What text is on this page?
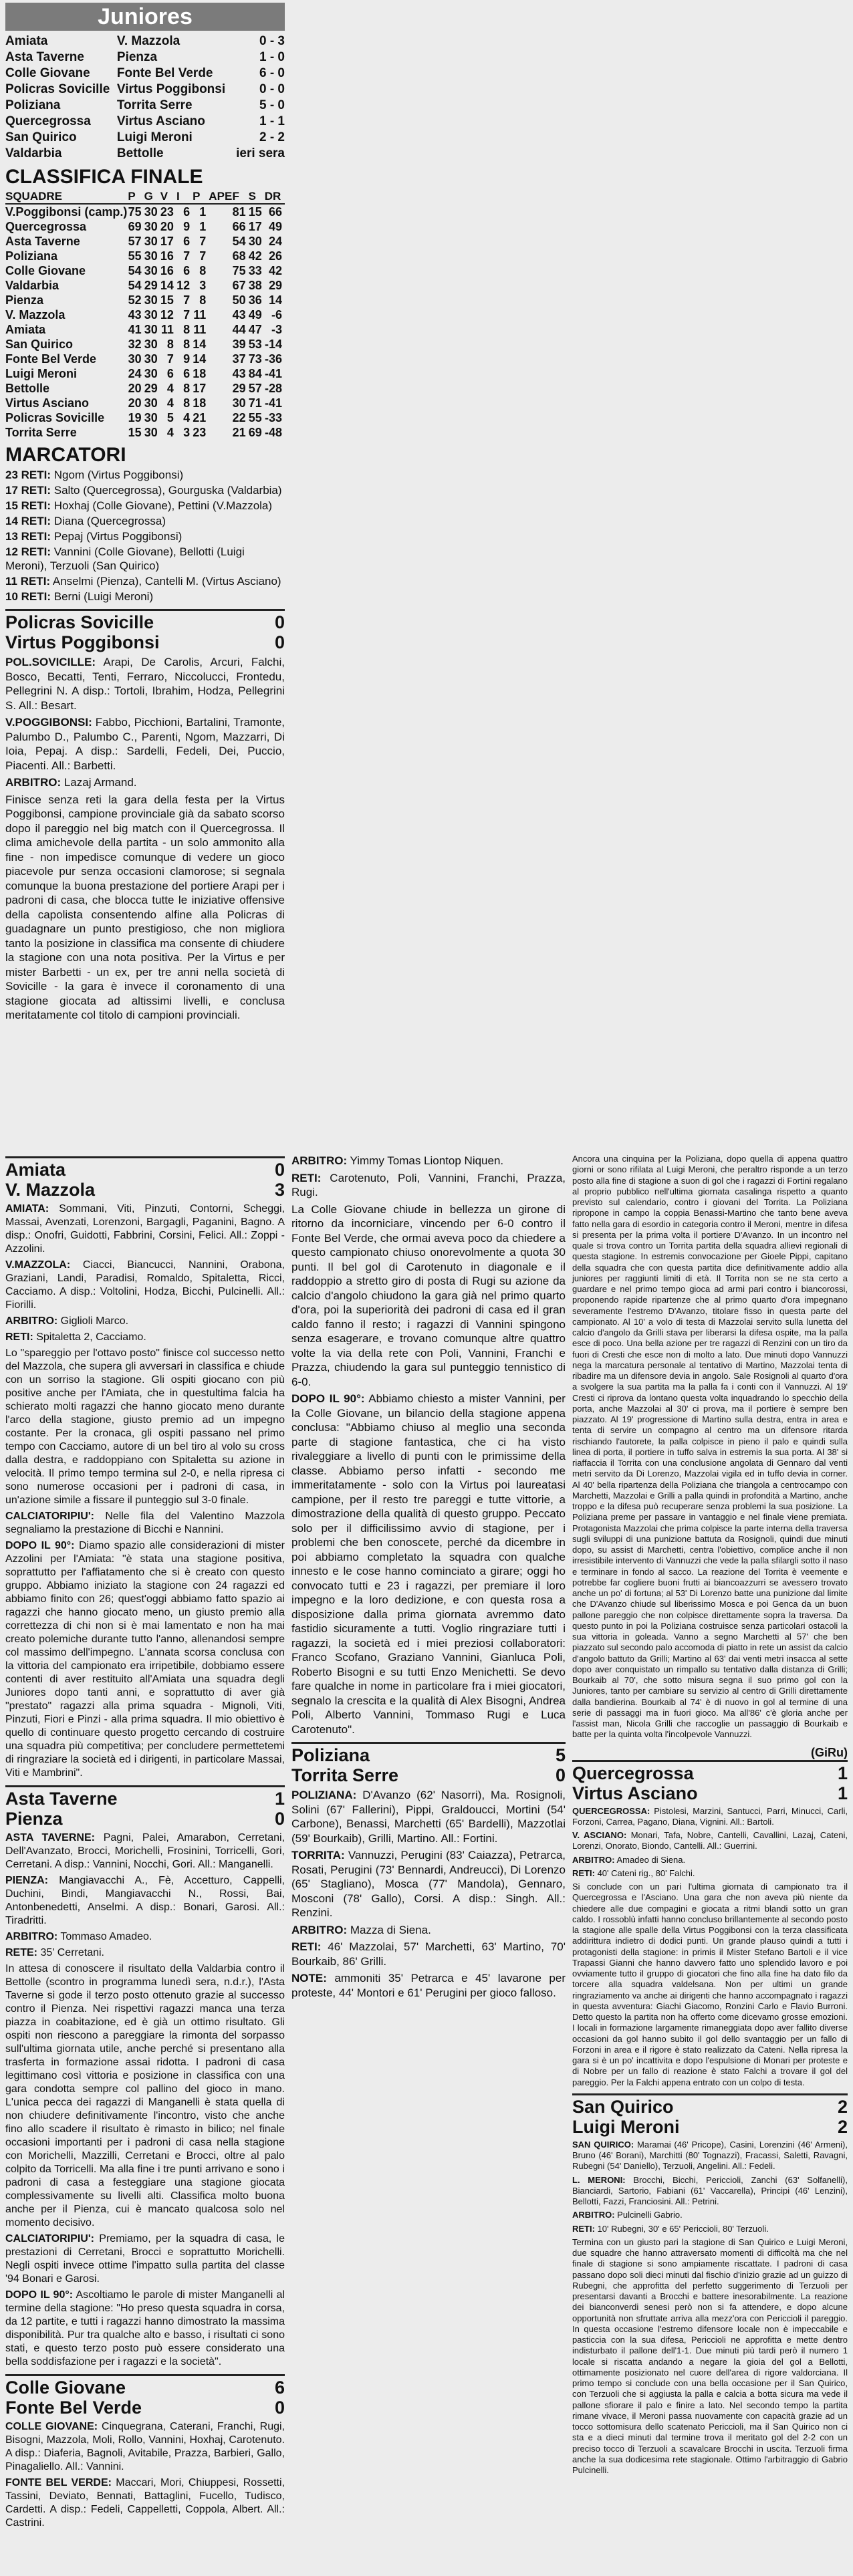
Juniores
Amiata	V. Mazzola	0 - 3
Asta Taverne	Pienza	1 - 0
Colle Giovane	Fonte Bel Verde	6 - 0
Policras Sovicille	Virtus Poggibonsi	0 - 0
Poliziana	Torrita Serre	5 - 0
Quercegrossa	Virtus Asciano	1 - 1
San Quirico	Luigi Meroni	2 - 2
Valdarbia	Bettolle	ieri sera
CLASSIFICA FINALE
SQUADRE	P	G	V	I	P	A	PE	F	S	DR
V.Poggibonsi (camp.)	75	30	23	6	1			81	15	66
Quercegrossa	69	30	20	9	1			66	17	49
Asta Taverne	57	30	17	6	7			54	30	24
Poliziana	55	30	16	7	7			68	42	26
Colle Giovane	54	30	16	6	8			75	33	42
Valdarbia	54	29	14	12	3			67	38	29
Pienza	52	30	15	7	8			50	36	14
V. Mazzola	43	30	12	7	11			43	49	-6
Amiata	41	30	11	8	11			44	47	-3
San Quirico	32	30	8	8	14			39	53	-14
Fonte Bel Verde	30	30	7	9	14			37	73	-36
Luigi Meroni	24	30	6	6	18			43	84	-41
Bettolle	20	29	4	8	17			29	57	-28
Virtus Asciano	20	30	4	8	18			30	71	-41
Policras Sovicille	19	30	5	4	21			22	55	-33
Torrita Serre	15	30	4	3	23			21	69	-48
MARCATORI
23 RETI: Ngom (Virtus Poggibonsi)
17 RETI: Salto (Quercegrossa), Gourguska (Valdarbia)
15 RETI: Hoxhaj (Colle Giovane), Pettini (V.Mazzola)
14 RETI: Diana (Quercegrossa)
13 RETI: Pepaj (Virtus Poggibonsi)
12 RETI: Vannini (Colle Giovane), Bellotti (Luigi Meroni), Terzuoli (San Quirico)
11 RETI: Anselmi (Pienza), Cantelli M. (Virtus Asciano)
10 RETI: Berni (Luigi Meroni)
Policras Sovicille	0
Virtus Poggibonsi	0

POL.SOVICILLE: Arapi, De Carolis, Arcuri, Falchi, Bosco, Becatti, Tenti, Ferraro, Niccolucci, Frontedu, Pellegrini N. A disp.: Tortoli, Ibrahim, Hodza, Pellegrini S. All.: Besart.

V.POGGIBONSI: Fabbo, Picchioni, Bartalini, Tramonte, Palumbo D., Palumbo C., Parenti, Ngom, Mazzarri, Di Ioia, Pepaj. A disp.: Sardelli, Fedeli, Dei, Puccio, Piacenti. All.: Barbetti.

ARBITRO: Lazaj Armand.

Finisce senza reti la gara della festa per la Virtus Poggibonsi, campione provinciale già da sabato scorso dopo il pareggio nel big match con il Quercegrossa. Il clima amichevole della partita - un solo ammonito alla fine - non impedisce comunque di vedere un gioco piacevole pur senza occasioni clamorose; si segnala comunque la buona prestazione del portiere Arapi per i padroni di casa, che blocca tutte le iniziative offensive della capolista consentendo alfine alla Policras di guadagnare un punto prestigioso, che non migliora tanto la posizione in classifica ma consente di chiudere la stagione con una nota positiva. Per la Virtus e per mister Barbetti - un ex, per tre anni nella società di Sovicille - la gara è invece il coronamento di una stagione giocata ad altissimi livelli, e conclusa meritatamente col titolo di campioni provinciali.

Amiata	0
V. Mazzola	3

AMIATA: Sommani, Viti, Pinzuti, Contorni, Scheggi, Massai, Avenzati, Lorenzoni, Bargagli, Paganini, Bagno. A disp.: Onofri, Guidotti, Fabbrini, Corsini, Felici. All.: Zoppi - Azzolini.

V.MAZZOLA: Ciacci, Biancucci, Nannini, Orabona, Graziani, Landi, Paradisi, Romaldo, Spitaletta, Ricci, Cacciamo. A disp.: Voltolini, Hodza, Bicchi, Pulcinelli. All.: Fiorilli.

ARBITRO: Giglioli Marco.

RETI: Spitaletta 2, Cacciamo.

Lo "spareggio per l'ottavo posto" finisce col successo netto del Mazzola, che supera gli avversari in classifica e chiude con un sorriso la stagione. Gli ospiti giocano con più positive anche per l'Amiata, che in questultima falcia ha schierato molti ragazzi che hanno giocato meno durante l'arco della stagione, giusto premio ad un impegno costante. Per la cronaca, gli ospiti passano nel primo tempo con Cacciamo, autore di un bel tiro al volo su cross dalla destra, e raddoppiano con Spitaletta su azione in velocità. Il primo tempo termina sul 2-0, e nella ripresa ci sono numerose occasioni per i padroni di casa, in un'azione simile a fissare il punteggio sul 3-0 finale.

CALCIATORIPIU': Nelle fila del Valentino Mazzola segnaliamo la prestazione di Bicchi e Nannini.

DOPO IL 90°: Diamo spazio alle considerazioni di mister Azzolini per l'Amiata: "è stata una stagione positiva, soprattutto per l'affiatamento che si è creato con questo gruppo. Abbiamo iniziato la stagione con 24 ragazzi ed abbiamo finito con 26; quest'oggi abbiamo fatto spazio ai ragazzi che hanno giocato meno, un giusto premio alla correttezza di chi non si è mai lamentato e non ha mai creato polemiche durante tutto l'anno, allenandosi sempre col massimo dell'impegno. L'annata scorsa conclusa con la vittoria del campionato era irripetibile, dobbiamo essere contenti di aver restituito all'Amiata una squadra degli Juniores dopo tanti anni, e soprattutto di aver già "prestato" ragazzi alla prima squadra - Mignoli, Viti, Pinzuti, Fiori e Pinzi - alla prima squadra. Il mio obiettivo è quello di continuare questo progetto cercando di costruire una squadra più competitiva; per concludere permettetemi di ringraziare la società ed i dirigenti, in particolare Massai, Viti e Mambrini".

Asta Taverne	1
Pienza	0

ASTA TAVERNE: Pagni, Palei, Amarabon, Cerretani, Dell'Avanzato, Brocci, Morichelli, Frosinini, Torricelli, Gori, Cerretani. A disp.: Vannini, Nocchi, Gori. All.: Manganelli.

PIENZA: Mangiavacchi A., Fè, Accetturo, Cappelli, Duchini, Bindi, Mangiavacchi N., Rossi, Bai, Antonbenedetti, Anselmi. A disp.: Bonari, Garosi. All.: Tiradritti.

ARBITRO: Tommaso Amadeo.

RETE: 35' Cerretani.

In attesa di conoscere il risultato della Valdarbia contro il Bettolle (scontro in programma lunedì sera, n.d.r.), l'Asta Taverne si gode il terzo posto ottenuto grazie al successo contro il Pienza. Nei rispettivi ragazzi manca una terza piazza in coabitazione, ed è già un ottimo risultato. Gli ospiti non riescono a pareggiare la rimonta del sorpasso sull'ultima giornata utile, anche perché si presentano alla trasferta in formazione assai ridotta. I padroni di casa legittimano così vittoria e posizione in classifica con una gara condotta sempre col pallino del gioco in mano. L'unica pecca dei ragazzi di Manganelli è stata quella di non chiudere definitivamente l'incontro, visto che anche fino allo scadere il risultato è rimasto in bilico; nel finale occasioni importanti per i padroni di casa nella stagione con Morichelli, Mazzilli, Cerretani e Brocci, oltre al palo colpito da Torricelli. Ma alla fine i tre punti arrivano e sono i padroni di casa a festeggiare una stagione giocata complessivamente su livelli alti. Classifica molto buona anche per il Pienza, cui è mancato qualcosa solo nel momento decisivo.

CALCIATORIPIU': Premiamo, per la squadra di casa, le prestazioni di Cerretani, Brocci e soprattutto Morichelli. Negli ospiti invece ottime l'impatto sulla partita del classe '94 Bonari e Garosi.

DOPO IL 90°: Ascoltiamo le parole di mister Manganelli al termine della stagione: "Ho preso questa squadra in corsa, da 12 partite, e tutti i ragazzi hanno dimostrato la massima disponibilità. Pur tra qualche alto e basso, i risultati ci sono stati, e questo terzo posto può essere considerato una bella soddisfazione per i ragazzi e la società".

Colle Giovane	6
Fonte Bel Verde	0

COLLE GIOVANE: Cinquegrana, Caterani, Franchi, Rugi, Bisogni, Mazzola, Moli, Rollo, Vannini, Hoxhaj, Carotenuto. A disp.: Diaferia, Bagnoli, Avitabile, Prazza, Barbieri, Gallo, Pinagaliello. All.: Vannini.

FONTE BEL VERDE: Maccari, Mori, Chiuppesi, Rossetti, Tassini, Deviato, Bennati, Battaglini, Fucello, Tudisco, Cardetti. A disp.: Fedeli, Cappelletti, Coppola, Albert. All.: Castrini.

ARBITRO: Yimmy Tomas Liontop Niquen.

RETI: Carotenuto, Poli, Vannini, Franchi, Prazza, Rugi.

La Colle Giovane chiude in bellezza un girone di ritorno da incorniciare, vincendo per 6-0 contro il Fonte Bel Verde, che ormai aveva poco da chiedere a questo campionato chiuso onorevolmente a quota 30 punti. Il bel gol di Carotenuto in diagonale e il raddoppio a stretto giro di posta di Rugi su azione da calcio d'angolo chiudono la gara già nel primo quarto d'ora, poi la superiorità dei padroni di casa ed il gran caldo fanno il resto; i ragazzi di Vannini spingono senza esagerare, e trovano comunque altre quattro volte la via della rete con Poli, Vannini, Franchi e Prazza, chiudendo la gara sul punteggio tennistico di 6-0.

DOPO IL 90°: Abbiamo chiesto a mister Vannini, per la Colle Giovane, un bilancio della stagione appena conclusa: "Abbiamo chiuso al meglio una seconda parte di stagione fantastica, che ci ha visto rivaleggiare a livello di punti con le primissime della classe. Abbiamo perso infatti - secondo me immeritatamente - solo con la Virtus poi laureatasi campione, per il resto tre pareggi e tutte vittorie, a dimostrazione della qualità di questo gruppo. Peccato solo per il difficilissimo avvio di stagione, per i problemi che ben conoscete, perché da dicembre in poi abbiamo completato la squadra con qualche innesto e le cose hanno cominciato a girare; oggi ho convocato tutti e 23 i ragazzi, per premiare il loro impegno e la loro dedizione, e con questa rosa a disposizione dalla prima giornata avremmo dato fastidio sicuramente a tutti. Voglio ringraziare tutti i ragazzi, la società ed i miei preziosi collaboratori: Franco Scofano, Graziano Vannini, Gianluca Poli, Roberto Bisogni e su tutti Enzo Menichetti. Se devo fare qualche in nome in particolare fra i miei giocatori, segnalo la crescita e la qualità di Alex Bisogni, Andrea Poli, Alberto Vannini, Tommaso Rugi e Luca Carotenuto".

Poliziana	5
Torrita Serre	0

POLIZIANA: D'Avanzo (62' Nasorri), Ma. Rosignoli, Solini (67' Fallerini), Pippi, Graldoucci, Mortini (54' Carbone), Benassi, Marchetti (65' Bardelli), Mazzotlai (59' Bourkaib), Grilli, Martino. All.: Fortini.

TORRITA: Vannuzzi, Perugini (83' Caiazza), Petrarca, Rosati, Perugini (73' Bennardi, Andreucci), Di Lorenzo (65' Stagliano), Mosca (77' Mandola), Gennaro, Mosconi (78' Gallo), Corsi. A disp.: Singh. All.: Renzini.

ARBITRO: Mazza di Siena.

RETI: 46' Mazzolai, 57' Marchetti, 63' Martino, 70' Bourkaib, 86' Grilli.

NOTE: ammoniti 35' Petrarca e 45' lavarone per proteste, 44' Montori e 61' Perugini per gioco falloso.

Ancora una cinquina per la Poliziana, dopo quella di appena quattro giorni or sono rifilata al Luigi Meroni, che peraltro risponde a un terzo posto alla fine di stagione a suon di gol che i ragazzi di Fortini regalano al proprio pubblico nell'ultima giornata casalinga rispetto a quanto previsto sul calendario, contro i giovani del Torrita. La Poliziana ripropone in campo la coppia Benassi-Martino che tanto bene aveva fatto nella gara di esordio in categoria contro il Meroni, mentre in difesa si presenta per la prima volta il portiere D'Avanzo. In un incontro nel quale si trova contro un Torrita partita della squadra allievi regionali di questa stagione. In estremis convocazione per Gioele Pippi, capitano della squadra che con questa partita dice definitivamente addio alla juniores per raggiunti limiti di età. Il Torrita non se ne sta certo a guardare e nel primo tempo gioca ad armi pari contro i biancorossi, proponendo rapide ripartenze che al primo quarto d'ora impegnano severamente l'estremo D'Avanzo, titolare fisso in questa parte del campionato. Al 10' a volo di testa di Mazzolai servito sulla lunetta del calcio d'angolo da Grilli stava per liberarsi la difesa ospite, ma la palla esce di poco. Una bella azione per tre ragazzi di Renzini con un tiro da fuori di Cresti che esce non di molto a lato. Due minuti dopo Vannuzzi nega la marcatura personale al tentativo di Martino, Mazzolai tenta di ribadire ma un difensore devia in angolo. Sale Rosignoli al quarto d'ora a svolgere la sua partita ma la palla fa i conti con il Vannuzzi. Al 19' Cresti ci riprova da lontano questa volta inquadrando lo specchio della porta, anche Mazzolai al 30' ci prova, ma il portiere è sempre ben piazzato. Al 19' progressione di Martino sulla destra, entra in area e tenta di servire un compagno al centro ma un difensore ritarda rischiando l'autorete, la palla colpisce in pieno il palo e quindi sulla linea di porta, il portiere in tuffo salva in estremis la sua porta. Al 38' si riaffaccia il Torrita con una conclusione angolata di Gennaro dal venti metri servito da Di Lorenzo, Mazzolai vigila ed in tuffo devia in corner. Al 40' bella ripartenza della Poliziana che triangola a centrocampo con Marchetti, Mazzolai e Grilli a palla quindi in profondità a Martino, anche troppo e la difesa può recuperare senza problemi la sua posizione. La Poliziana preme per passare in vantaggio e nel finale viene premiata. Protagonista Mazzolai che prima colpisce la parte interna della traversa sugli sviluppi di una punizione battuta da Rosignoli, quindi due minuti dopo, su assist di Marchetti, centra l'obiettivo, complice anche il non irresistibile intervento di Vannuzzi che vede la palla sfilargli sotto il naso e terminare in fondo al sacco. La reazione del Torrita è veemente e potrebbe far cogliere buoni frutti ai biancoazzurri se avessero trovato anche un po' di fortuna; al 53' Di Lorenzo batte una punizione dal limite che D'Avanzo chiude sul liberissimo Mosca e poi Genca da un buon pallone pareggio che non colpisce direttamente sopra la traversa. Da questo punto in poi la Poliziana costruisce senza particolari ostacoli la sua vittoria in goleada. Vanno a segno Marchetti al 57' che ben piazzato sul secondo palo accomoda di piatto in rete un assist da calcio d'angolo battuto da Grilli; Martino al 63' dai venti metri insacca al sette dopo aver conquistato un rimpallo su tentativo dalla distanza di Grilli; Bourkaib al 70', che sotto misura segna il suo primo gol con la Juniores, tanto per cambiare su servizio al centro di Grilli direttamente dalla bandierina. Bourkaib al 74' è di nuovo in gol al termine di una serie di passaggi ma in fuori gioco. Ma all'86' c'è gloria anche per l'assist man, Nicola Grilli che raccoglie un passaggio di Bourkaib e batte per la quinta volta l'incolpevole Vannuzzi.

(GiRu)
Quercegrossa	1
Virtus Asciano	1

QUERCEGROSSA: Pistolesi, Marzini, Santucci, Parri, Minucci, Carli, Forzoni, Carrea, Pagano, Diana, Vignini. All.: Bartoli.

V. ASCIANO: Monari, Tafa, Nobre, Cantelli, Cavallini, Lazaj, Cateni, Lorenzi, Onorato, Biondo, Cantelli. All.: Guerrini.

ARBITRO: Amadeo di Siena.

RETI: 40' Cateni rig., 80' Falchi.

Si conclude con un pari l'ultima giornata di campionato tra il Quercegrossa e l'Asciano. Una gara che non aveva più niente da chiedere alle due compagini e giocata a ritmi blandi sotto un gran caldo. I rossoblù infatti hanno concluso brillantemente al secondo posto la stagione alle spalle della Virtus Poggibonsi con la terza classificata addirittura indietro di dodici punti. Un grande plauso quindi a tutti i protagonisti della stagione: in primis il Mister Stefano Bartoli e il vice Trapassi Gianni che hanno davvero fatto uno splendido lavoro e poi ovviamente tutto il gruppo di giocatori che fino alla fine ha dato filo da torcere alla squadra valdelsana. Non per ultimi un grande ringraziamento va anche ai dirigenti che hanno accompagnato i ragazzi in questa avventura: Giachi Giacomo, Ronzini Carlo e Flavio Burroni. Detto questo la partita non ha offerto come dicevamo grosse emozioni. I locali in formazione largamente rimaneggiata dopo aver fallito diverse occasioni da gol hanno subito il gol dello svantaggio per un fallo di Forzoni in area e il rigore è stato realizzato da Cateni. Nella ripresa la gara si è un po' incattivita e dopo l'espulsione di Monari per proteste e di Nobre per un fallo di reazione è stato Falchi a trovare il gol del pareggio. Per la Falchi appena entrato con un colpo di testa.

San Quirico	2
Luigi Meroni	2

SAN QUIRICO: Maramai (46' Pricope), Casini, Lorenzini (46' Armeni), Bruno (46' Borani), Marchitti (80' Tognazzi), Fracassi, Saletti, Ravagni, Rubegni (54' Daniello), Terzuoli, Angelini. All.: Fedeli.

L. MERONI: Brocchi, Bicchi, Periccioli, Zanchi (63' Solfanelli), Bianciardi, Sartorio, Fabiani (61' Vaccarella), Principi (46' Lenzini), Bellotti, Fazzi, Franciosini. All.: Petrini.

ARBITRO: Pulcinelli Gabrio.

RETI: 10' Rubegni, 30' e 65' Periccioli, 80' Terzuoli.

Termina con un giusto pari la stagione di San Quirico e Luigi Meroni, due squadre che hanno attraversato momenti di difficoltà ma che nel finale di stagione si sono ampiamente riscattate. I padroni di casa passano dopo soli dieci minuti dal fischio d'inizio grazie ad un guizzo di Rubegni, che approfitta del perfetto suggerimento di Terzuoli per presentarsi davanti a Brocchi e battere inesorabilmente. La reazione dei bianconverdi senesi però non si fa attendere, e dopo alcune opportunità non sfruttate arriva alla mezz'ora con Periccioli il pareggio. In questa occasione l'estremo difensore locale non è impeccabile e pasticcia con la sua difesa, Periccioli ne approfitta e mette dentro indisturbato il pallone dell'1-1. Due minuti più tardi però il numero 1 locale si riscatta andando a negare la gioia del gol a Bellotti, ottimamente posizionato nel cuore dell'area di rigore valdorciana. Il primo tempo si conclude con una bella occasione per il San Quirico, con Terzuoli che si aggiusta la palla e calcia a botta sicura ma vede il pallone sfiorare il palo e finire a lato. Nel secondo tempo la partita rimane vivace, il Meroni passa nuovamente con capacità grazie ad un tocco sottomisura dello scatenato Periccioli, ma il San Quirico non ci sta e a dieci minuti dal termine trova il meritato gol del 2-2 con un preciso tocco di Terzuoli a scavalcare Brocchi in uscita. Terzuoli firma anche la sua dodicesima rete stagionale. Ottimo l'arbitraggio di Gabrio Pulcinelli.
